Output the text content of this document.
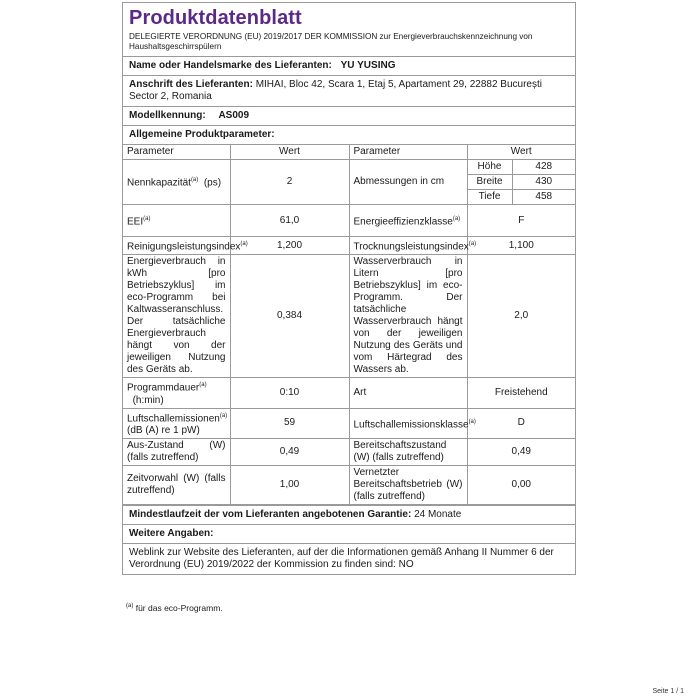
Produktdatenblatt
DELEGIERTE VERORDNUNG (EU) 2019/2017 DER KOMMISSION zur Energieverbrauchskennzeichnung von Haushaltsgeschirrspülern
Name oder Handelsmarke des Lieferanten: YU YUSING
Anschrift des Lieferanten: MIHAI, Bloc 42, Scara 1, Etaj 5, Apartament 29, 22882 București Sector 2, Romania
Modellkennung: AS009
Allgemeine Produktparameter:
Parameter	Wert	Parameter	Wert	
Nennkapazität$^{(a)}$ (ps)	2	Abmessungen in cm	Höhe	428
			Breite	430
			Tiefe	458
EEI$^{(a)}$	61,0	Energieeffizienzklasse$^{(a)}$	F	
Reinigungsleistungsindex$^{(a)}$	1,200	Trocknungsleistungsindex$^{(a)}$	1,100	
Energieverbrauch in kWh [pro Betriebszyklus] im eco-Programm bei Kaltwasseranschluss. Der tatsächliche Energieverbrauch hängt von der jeweiligen Nutzung des Geräts ab.	0,384	Wasserverbrauch in Litern [pro Betriebszyklus] im eco-Programm. Der tatsächliche Wasserverbrauch hängt von der jeweiligen Nutzung des Geräts und vom Härtegrad des Wassers ab.	2,0	
Programmdauer$^{(a)}$
(h:min)	0:10	Art	Freistehend	
Luftschallemissionen$^{(a)}$ (dB (A) re 1 pW)	59	Luftschallemissionsklasse$^{(a)}$	D	
Aus-Zustand (W) (falls zutreffend)	0,49	Bereitschaftszustand (W) (falls zutreffend)	0,49	
Zeitvorwahl (W) (falls zutreffend)	1,00	Vernetzter Bereitschaftsbetrieb (W) (falls zutreffend)	0,00	
Mindestlaufzeit der vom Lieferanten angebotenen Garantie: 24 Monate
Weitere Angaben:
Weblink zur Website des Lieferanten, auf der die Informationen gemäß Anhang II Nummer 6 der Verordnung (EU) 2019/2022 der Kommission zu finden sind: NO
$^{(a)}$ für das eco-Programm.
Seite 1 / 1
